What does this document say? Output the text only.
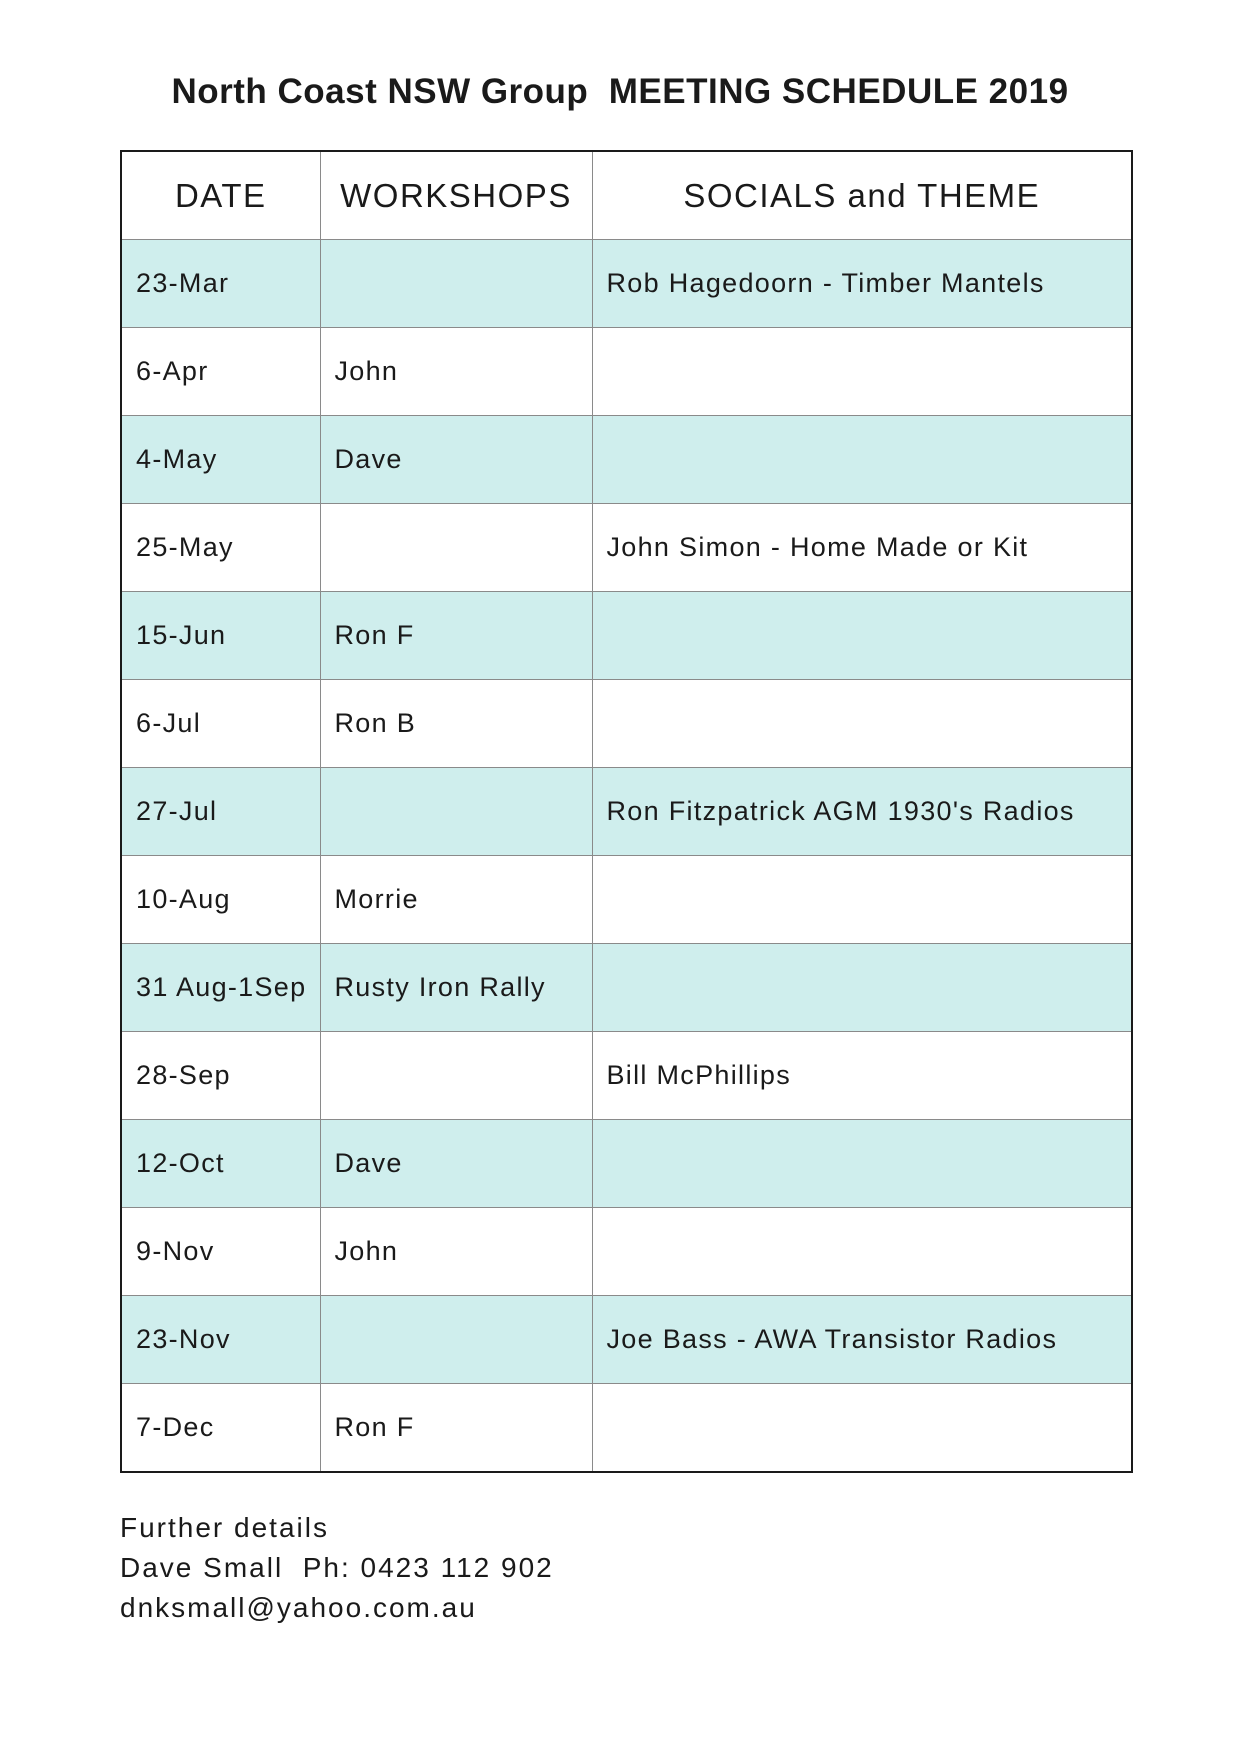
North Coast NSW Group  MEETING SCHEDULE 2019
DATE	WORKSHOPS	SOCIALS and THEME
23-Mar		Rob Hagedoorn - Timber Mantels
6-Apr	John	
4-May	Dave	
25-May		John Simon - Home Made or Kit
15-Jun	Ron F	
6-Jul	Ron B	
27-Jul		Ron Fitzpatrick AGM 1930's Radios
10-Aug	Morrie	
31 Aug-1Sep	Rusty Iron Rally	
28-Sep		Bill McPhillips
12-Oct	Dave	
9-Nov	John	
23-Nov		Joe Bass - AWA Transistor Radios
7-Dec	Ron F	
Further details
Dave Small  Ph: 0423 112 902
dnksmall@yahoo.com.au
